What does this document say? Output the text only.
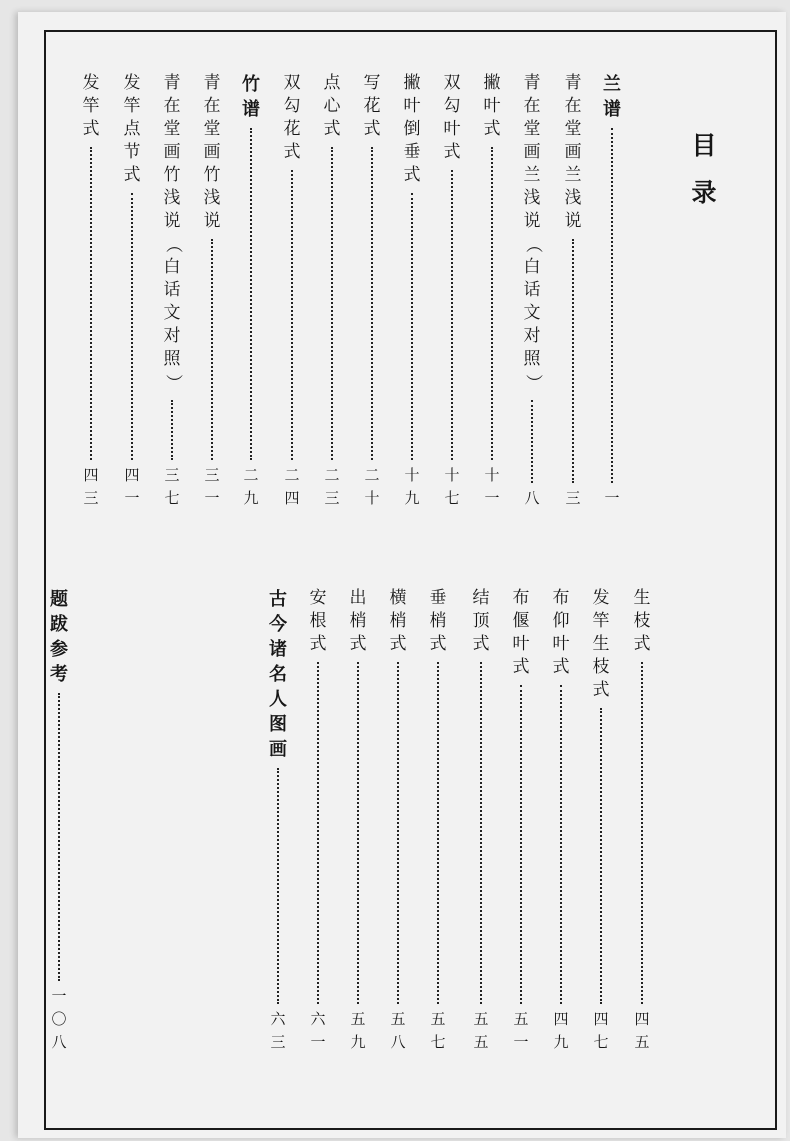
目录
兰
谱
一
青
在
堂
画
兰
浅
说
三
青
在
堂
画
兰
浅
说
（
白
话
文
对
照
）
八
撇
叶
式
十
一
双
勾
叶
式
十
七
撇
叶
倒
垂
式
十
九
写
花
式
二
十
点
心
式
二
三
双
勾
花
式
二
四
竹
谱
二
九
青
在
堂
画
竹
浅
说
三
一
青
在
堂
画
竹
浅
说
（
白
话
文
对
照
）
三
七
发
竿
点
节
式
四
一
发
竿
式
四
三
生
枝
式
四
五
发
竿
生
枝
式
四
七
布
仰
叶
式
四
九
布
偃
叶
式
五
一
结
顶
式
五
五
垂
梢
式
五
七
横
梢
式
五
八
出
梢
式
五
九
安
根
式
六
一
古
今
诸
名
人
图
画
六
三
题
跋
参
考
一
〇
八
